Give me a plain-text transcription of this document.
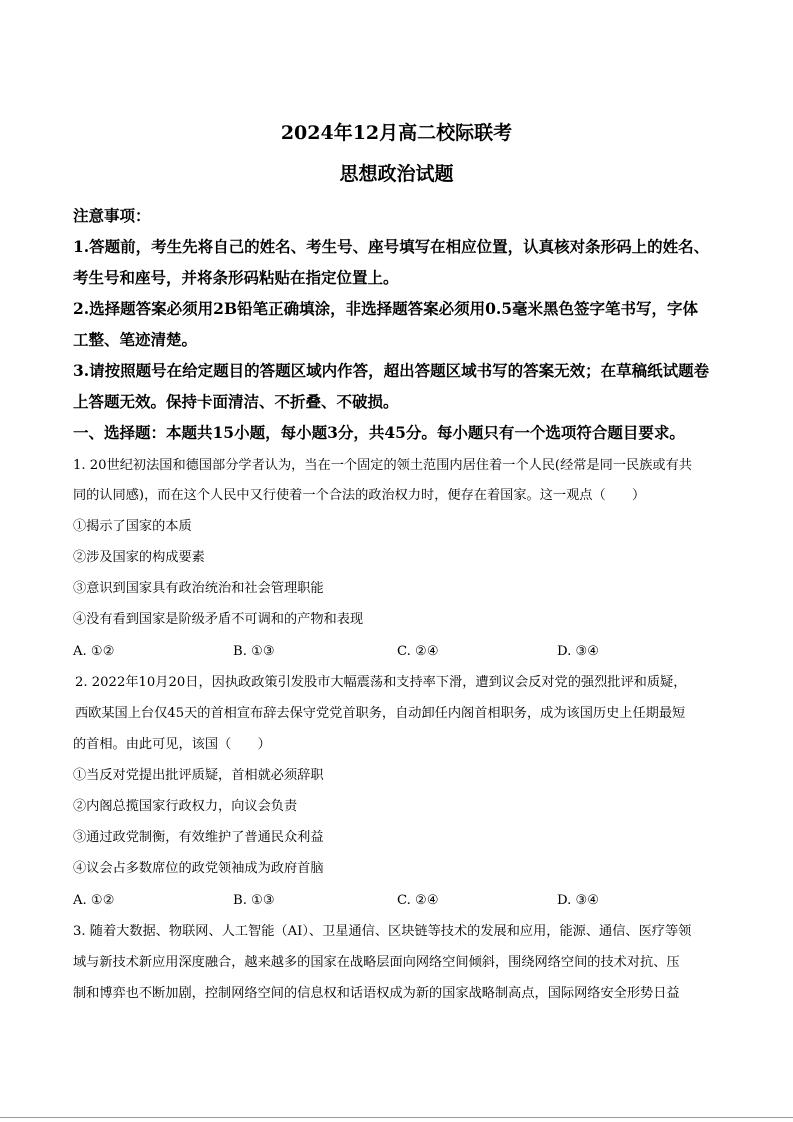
2024年12月高二校际联考
思想政治试题
注意事项：
1.答题前，考生先将自己的姓名、考生号、座号填写在相应位置，认真核对条形码上的姓名、
考生号和座号，并将条形码粘贴在指定位置上。
2.选择题答案必须用2B铅笔正确填涂，非选择题答案必须用0.5毫米黑色签字笔书写，字体
工整、笔迹清楚。
3.请按照题号在给定题目的答题区域内作答，超出答题区域书写的答案无效；在草稿纸试题卷
上答题无效。保持卡面清洁、不折叠、不破损。
一、选择题：本题共15小题，每小题3分，共45分。每小题只有一个选项符合题目要求。
1. 20世纪初法国和德国部分学者认为，当在一个固定的领土范围内居住着一个人民(经常是同一民族或有共
同的认同感)，而在这个人民中又行使着一个合法的政治权力时，便存在着国家。这一观点（　　）
①揭示了国家的本质
②涉及国家的构成要素
③意识到国家具有政治统治和社会管理职能
④没有看到国家是阶级矛盾不可调和的产物和表现
A. ①②	B. ①③	C. ②④	D. ③④
2. 2022年10月20日，因执政政策引发股市大幅震荡和支持率下滑，遭到议会反对党的强烈批评和质疑，
西欧某国上台仅45天的首相宣布辞去保守党党首职务，自动卸任内阁首相职务，成为该国历史上任期最短
的首相。由此可见，该国（　　）
①当反对党提出批评质疑，首相就必须辞职
②内阁总揽国家行政权力，向议会负责
③通过政党制衡，有效维护了普通民众利益
④议会占多数席位的政党领袖成为政府首脑
A. ①②	B. ①③	C. ②④	D. ③④
3. 随着大数据、物联网、人工智能（AI）、卫星通信、区块链等技术的发展和应用，能源、通信、医疗等领
域与新技术新应用深度融合，越来越多的国家在战略层面向网络空间倾斜，围绕网络空间的技术对抗、压
制和博弈也不断加剧，控制网络空间的信息权和话语权成为新的国家战略制高点，国际网络安全形势日益
